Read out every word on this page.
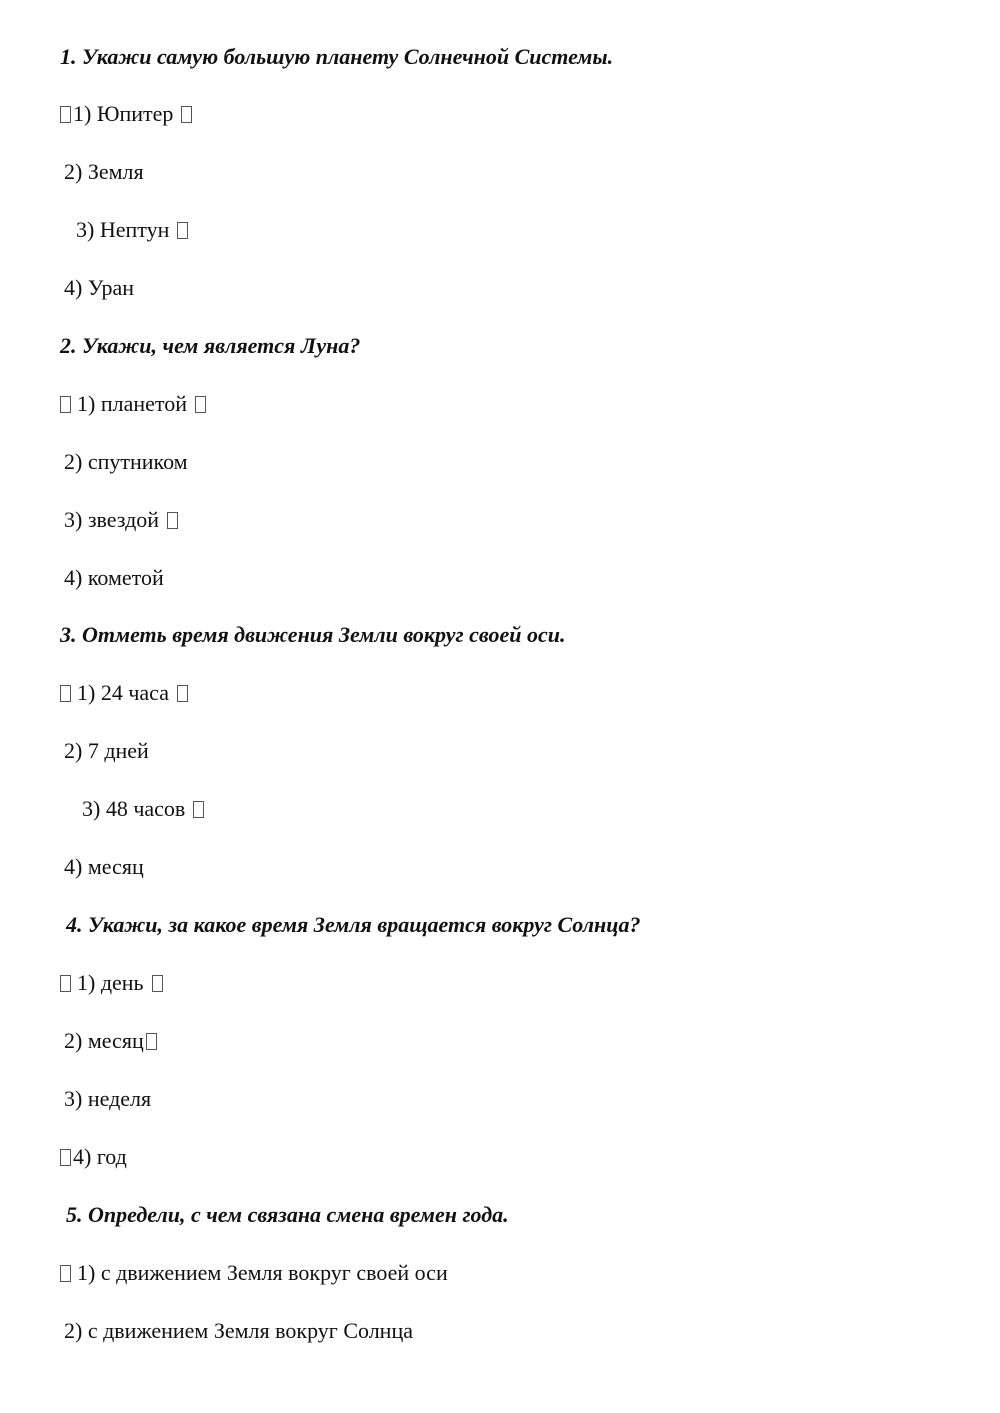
1. Укажи самую большую планету Солнечной Системы.
1) Юпитер
2) Земля
3) Нептун
4) Уран
2. Укажи, чем является Луна?
1) планетой
2) спутником
3) звездой
4) кометой
3. Отметь время движения Земли вокруг своей оси.
1) 24 часа
2) 7 дней
3) 48 часов
4) месяц
4. Укажи, за какое время Земля вращается вокруг Солнца?
1) день
2) месяц
3) неделя
4) год
5. Определи, с чем связана смена времен года.
1) с движением Земля вокруг своей оси
2) с движением Земля вокруг Солнца
